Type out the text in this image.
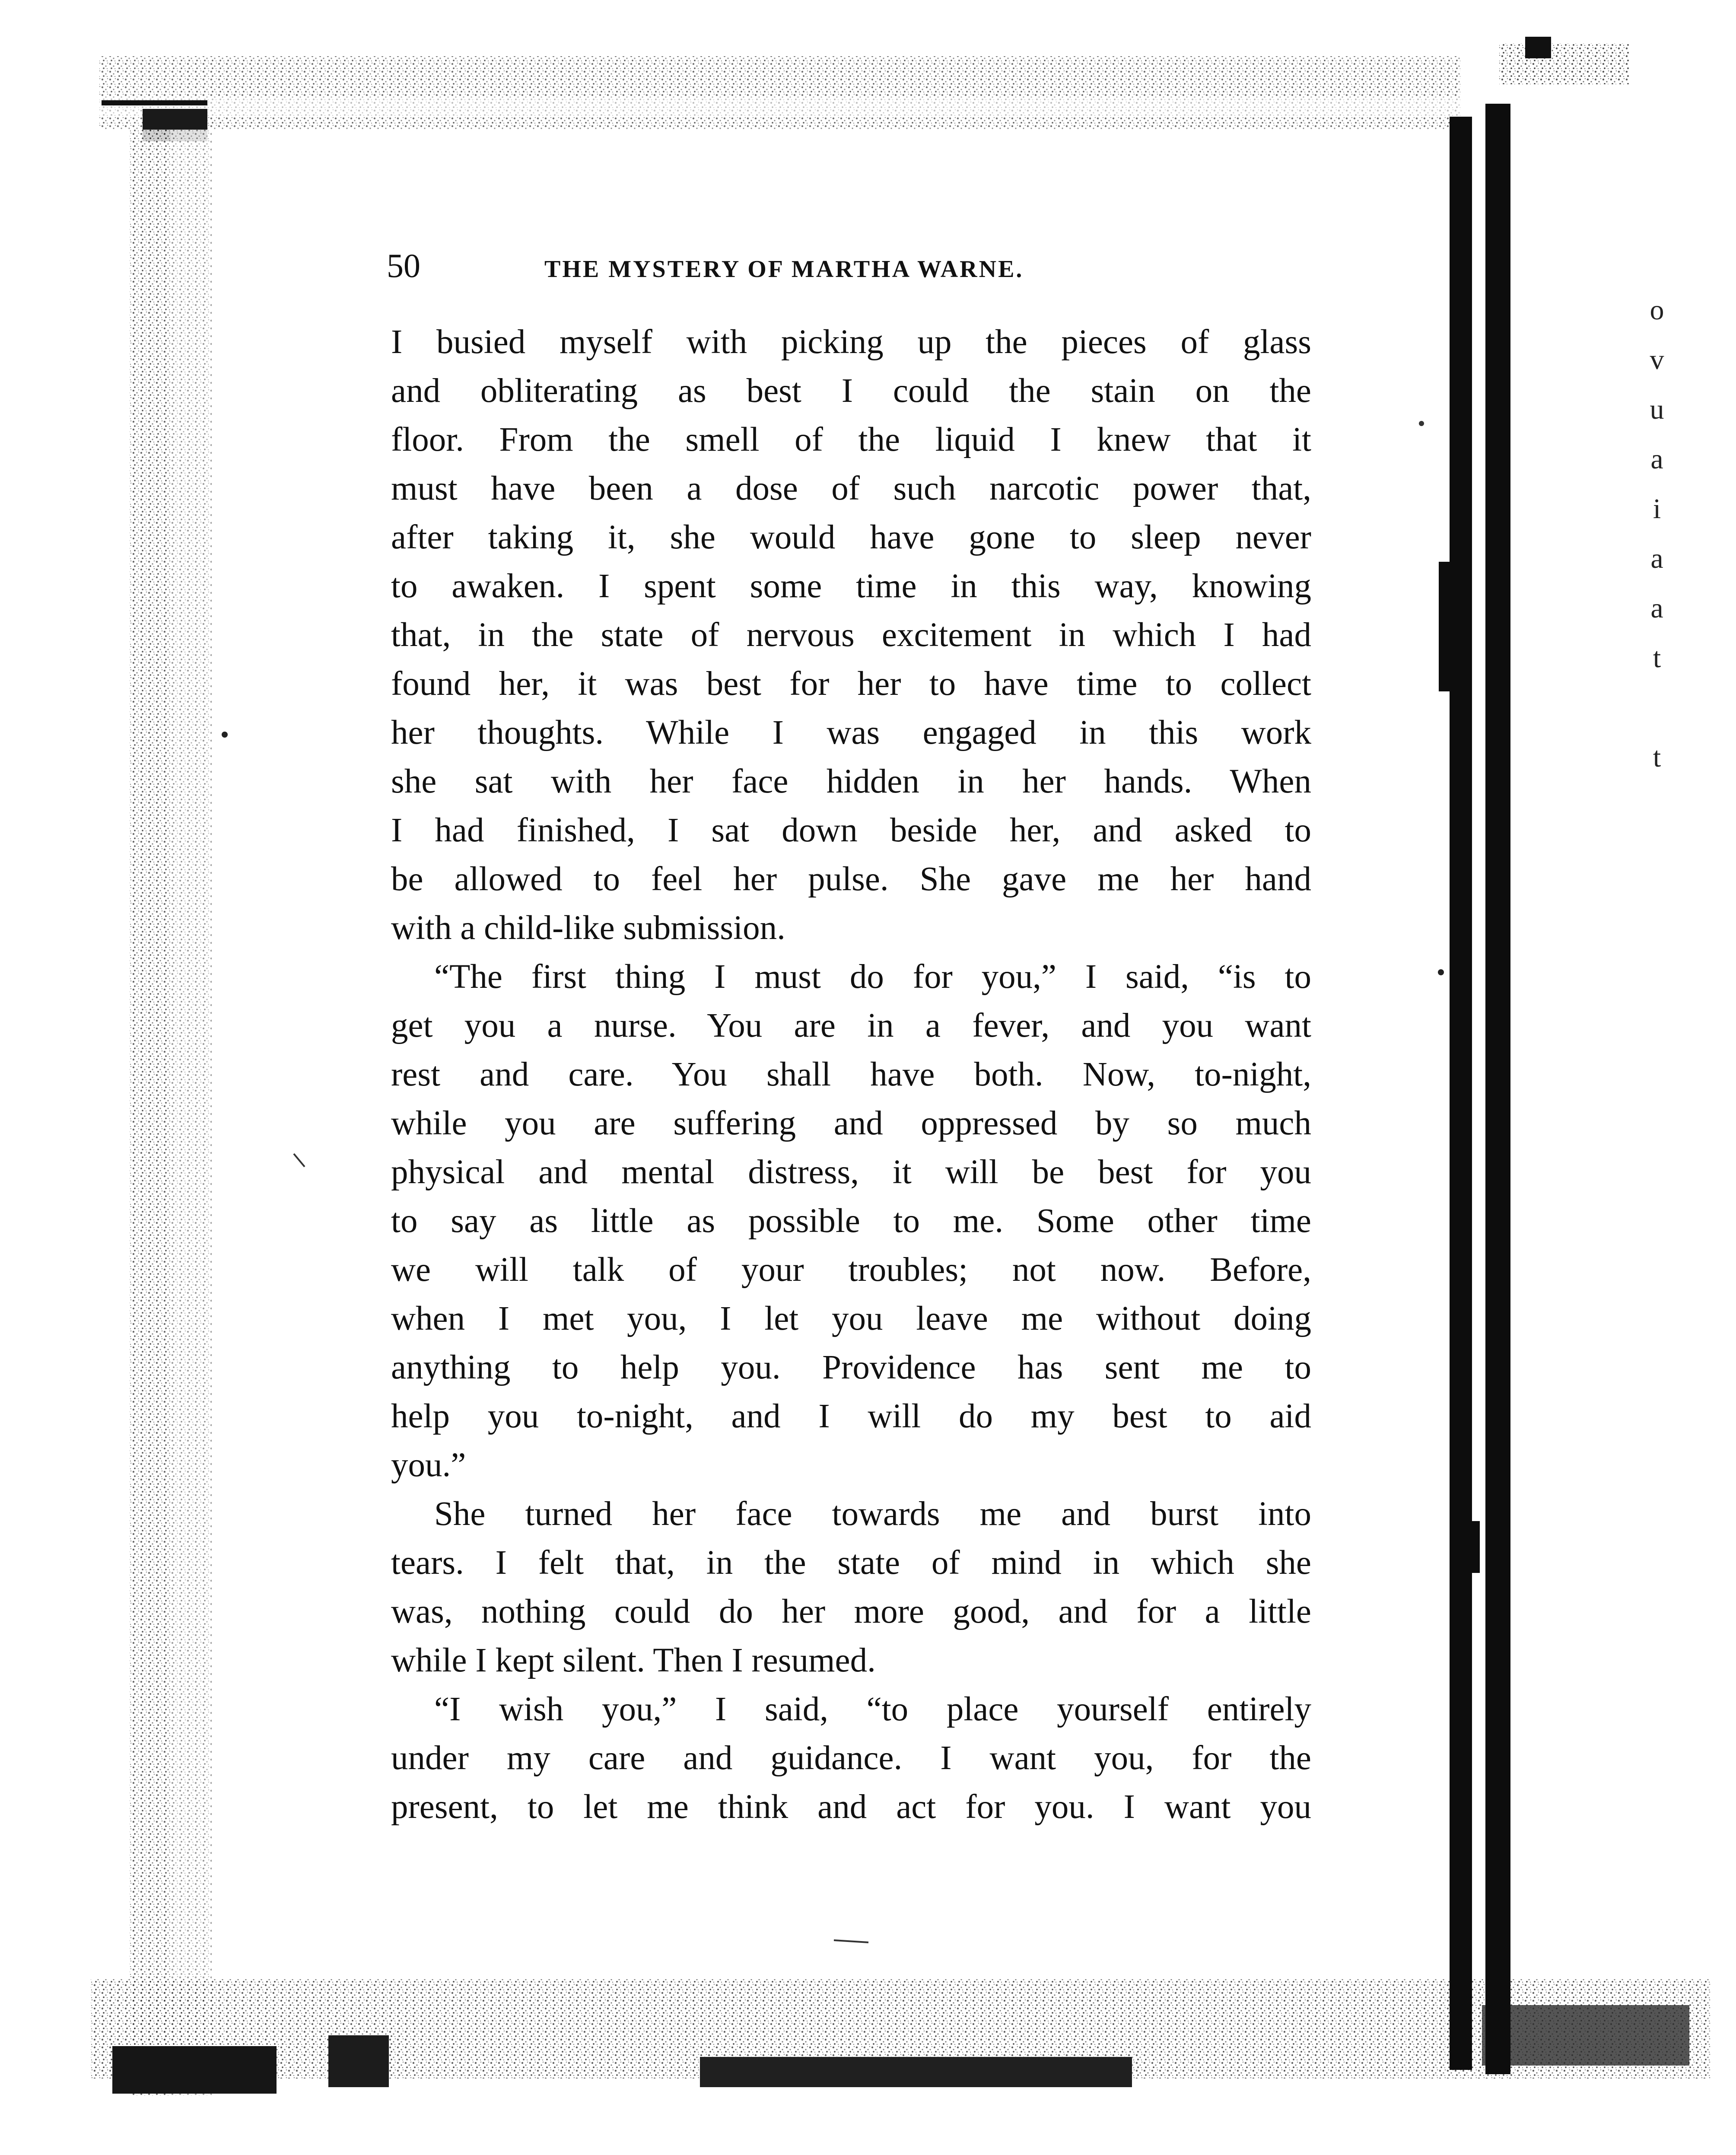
50	THE MYSTERY OF MARTHA WARNE.
I busied myself with picking up the pieces of glass
and obliterating as best I could the stain on the
floor. From the smell of the liquid I knew that it
must have been a dose of such narcotic power that,
after taking it, she would have gone to sleep never
to awaken. I spent some time in this way, knowing
that, in the state of nervous excitement in which I had
found her, it was best for her to have time to collect
her thoughts. While I was engaged in this work
she sat with her face hidden in her hands. When
I had finished, I sat down beside her, and asked to
be allowed to feel her pulse. She gave me her hand
with a child-like submission.
“The first thing I must do for you,” I said, “is to
get you a nurse. You are in a fever, and you want
rest and care. You shall have both. Now, to-night,
while you are suffering and oppressed by so much
physical and mental distress, it will be best for you
to say as little as possible to me. Some other time
we will talk of your troubles; not now. Before,
when I met you, I let you leave me without doing
anything to help you. Providence has sent me to
help you to-night, and I will do my best to aid
you.”
She turned her face towards me and burst into
tears. I felt that, in the state of mind in which she
was, nothing could do her more good, and for a little
while I kept silent. Then I resumed.
“I wish you,” I said, “to place yourself entirely
under my care and guidance. I want you, for the
present, to let me think and act for you. I want you
o
v
u
a
i
a
a
t
t
